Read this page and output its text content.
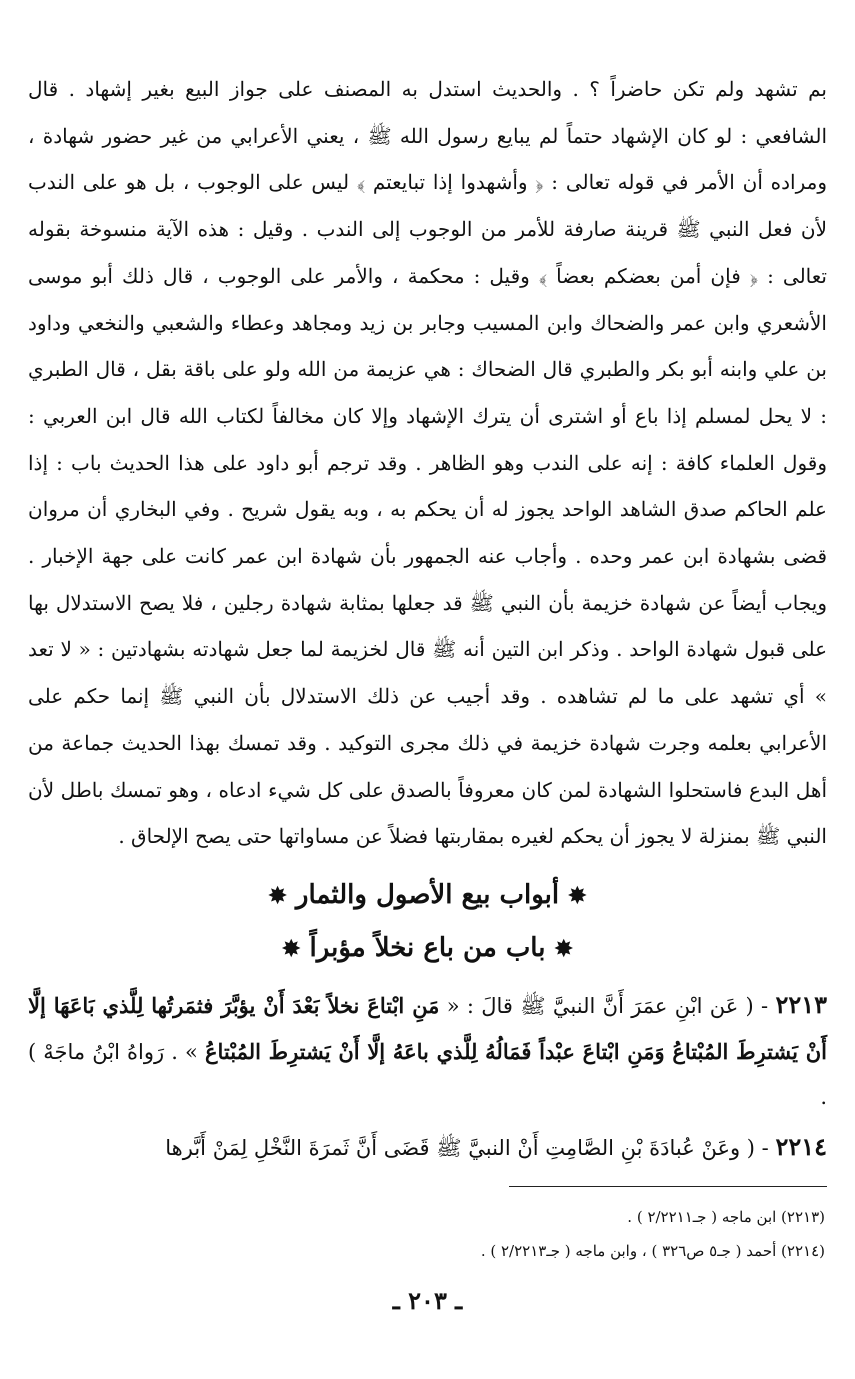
بم تشهد ولم تكن حاضراً ؟ . والحديث استدل به المصنف على جواز البيع بغير إشهاد . قال الشافعي : لو كان الإشهاد حتماً لم يبايع رسول الله ﷺ ، يعني الأعرابي من غير حضور شهادة ، ومراده أن الأمر في قوله تعالى : ﴿ وأشهدوا إذا تبايعتم ﴾ ليس على الوجوب ، بل هو على الندب لأن فعل النبي ﷺ قرينة صارفة للأمر من الوجوب إلى الندب . وقيل : هذه الآية منسوخة بقوله تعالى : ﴿ فإن أمن بعضكم بعضاً ﴾ وقيل : محكمة ، والأمر على الوجوب ، قال ذلك أبو موسى الأشعري وابن عمر والضحاك وابن المسيب وجابر بن زيد ومجاهد وعطاء والشعبي والنخعي وداود بن علي وابنه أبو بكر والطبري قال الضحاك : هي عزيمة من الله ولو على باقة بقل ، قال الطبري : لا يحل لمسلم إذا باع أو اشترى أن يترك الإشهاد وإلا كان مخالفاً لكتاب الله قال ابن العربي : وقول العلماء كافة : إنه على الندب وهو الظاهر . وقد ترجم أبو داود على هذا الحديث باب : إذا علم الحاكم صدق الشاهد الواحد يجوز له أن يحكم به ، وبه يقول شريح . وفي البخاري أن مروان قضى بشهادة ابن عمر وحده . وأجاب عنه الجمهور بأن شهادة ابن عمر كانت على جهة الإخبار . ويجاب أيضاً عن شهادة خزيمة بأن النبي ﷺ قد جعلها بمثابة شهادة رجلين ، فلا يصح الاستدلال بها على قبول شهادة الواحد . وذكر ابن التين أنه ﷺ قال لخزيمة لما جعل شهادته بشهادتين : « لا تعد » أي تشهد على ما لم تشاهده . وقد أجيب عن ذلك الاستدلال بأن النبي ﷺ إنما حكم على الأعرابي بعلمه وجرت شهادة خزيمة في ذلك مجرى التوكيد . وقد تمسك بهذا الحديث جماعة من أهل البدع فاستحلوا الشهادة لمن كان معروفاً بالصدق على كل شيء ادعاه ، وهو تمسك باطل لأن النبي ﷺ بمنزلة لا يجوز أن يحكم لغيره بمقاربتها فضلاً عن مساواتها حتى يصح الإلحاق .

✸ أبواب بيع الأصول والثمار ✸
✸ باب من باع نخلاً مؤبراً ✸

٢٢١٣ - ( عَن ابْنِ عمَرَ أَنَّ النبيَّ ﷺ قالَ : « مَنِ ابْتاعَ نخلاً بَعْدَ أَنْ يؤبَّرَ فثمَرتُها لِلَّذي بَاعَهَا إلَّا أَنْ يَشترِطَ المُبْتاعُ وَمَنِ ابْتاعَ عبْداً فَمَالُهُ لِلَّذي باعَهُ إلَّا أَنْ يَشترِطَ المُبْتاعُ » . رَواهُ ابْنُ ماجَهْ ) .

٢٢١٤ - ( وعَنْ عُبادَةَ بْنِ الصَّامِتِ أَنْ النبيَّ ﷺ قَضَى أَنَّ ثَمرَةَ النَّخْلِ لِمَنْ أَبَّرها

(٢٢١٣) ابن ماجه ( جـ٢/٢٢١١ ) .

(٢٢١٤) أحمد ( جـ٥ ص٣٢٦ ) ، وابن ماجه ( جـ٢/٢٢١٣ ) .

ـ ٢٠٣ ـ
